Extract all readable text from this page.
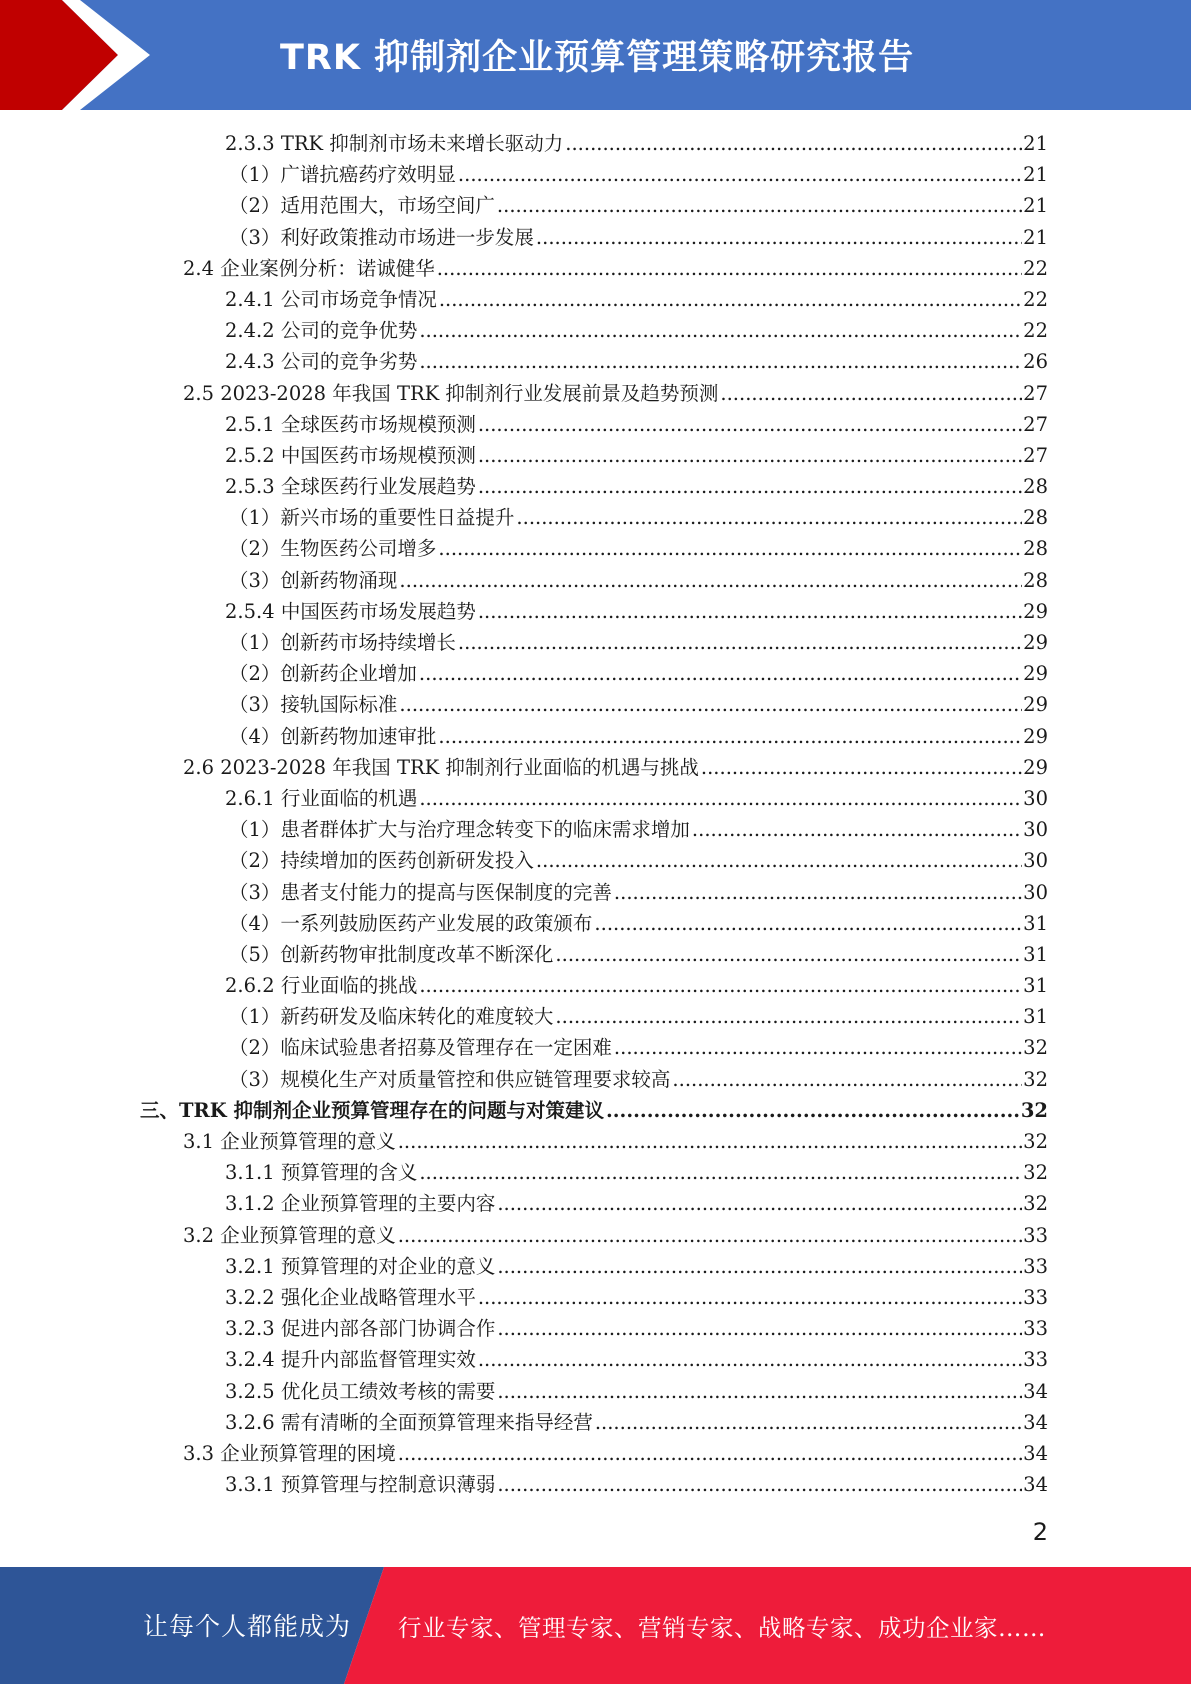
TRK 抑制剂企业预算管理策略研究报告
2.3.3 TRK 抑制剂市场未来增长驱动力 .....	21
（1）广谱抗癌药疗效明显 .....	21
（2）适用范围大，市场空间广 .....	21
（3）利好政策推动市场进一步发展 .....	21
2.4 企业案例分析：诺诚健华 .....	22
2.4.1 公司市场竞争情况 .....	22
2.4.2 公司的竞争优势 .....	22
2.4.3 公司的竞争劣势 .....	26
2.5 2023-2028 年我国 TRK 抑制剂行业发展前景及趋势预测 .....	27
2.5.1 全球医药市场规模预测 .....	27
2.5.2 中国医药市场规模预测 .....	27
2.5.3 全球医药行业发展趋势 .....	28
（1）新兴市场的重要性日益提升 .....	28
（2）生物医药公司增多 .....	28
（3）创新药物涌现 .....	28
2.5.4 中国医药市场发展趋势 .....	29
（1）创新药市场持续增长 .....	29
（2）创新药企业增加 .....	29
（3）接轨国际标准 .....	29
（4）创新药物加速审批 .....	29
2.6 2023-2028 年我国 TRK 抑制剂行业面临的机遇与挑战 .....	29
2.6.1 行业面临的机遇 .....	30
（1）患者群体扩大与治疗理念转变下的临床需求增加 .....	30
（2）持续增加的医药创新研发投入 .....	30
（3）患者支付能力的提高与医保制度的完善 .....	30
（4）一系列鼓励医药产业发展的政策颁布 .....	31
（5）创新药物审批制度改革不断深化 .....	31
2.6.2 行业面临的挑战 .....	31
（1）新药研发及临床转化的难度较大 .....	31
（2）临床试验患者招募及管理存在一定困难 .....	32
（3）规模化生产对质量管控和供应链管理要求较高 .....	32
三、TRK 抑制剂企业预算管理存在的问题与对策建议 .....	32
3.1 企业预算管理的意义 .....	32
3.1.1 预算管理的含义 .....	32
3.1.2 企业预算管理的主要内容 .....	32
3.2 企业预算管理的意义 .....	33
3.2.1 预算管理的对企业的意义 .....	33
3.2.2 强化企业战略管理水平 .....	33
3.2.3 促进内部各部门协调合作 .....	33
3.2.4 提升内部监督管理实效 .....	33
3.2.5 优化员工绩效考核的需要 .....	34
3.2.6 需有清晰的全面预算管理来指导经营 .....	34
3.3 企业预算管理的困境 .....	34
3.3.1 预算管理与控制意识薄弱 .....	34
2
让每个人都能成为 行业专家、管理专家、营销专家、战略专家、成功企业家……
